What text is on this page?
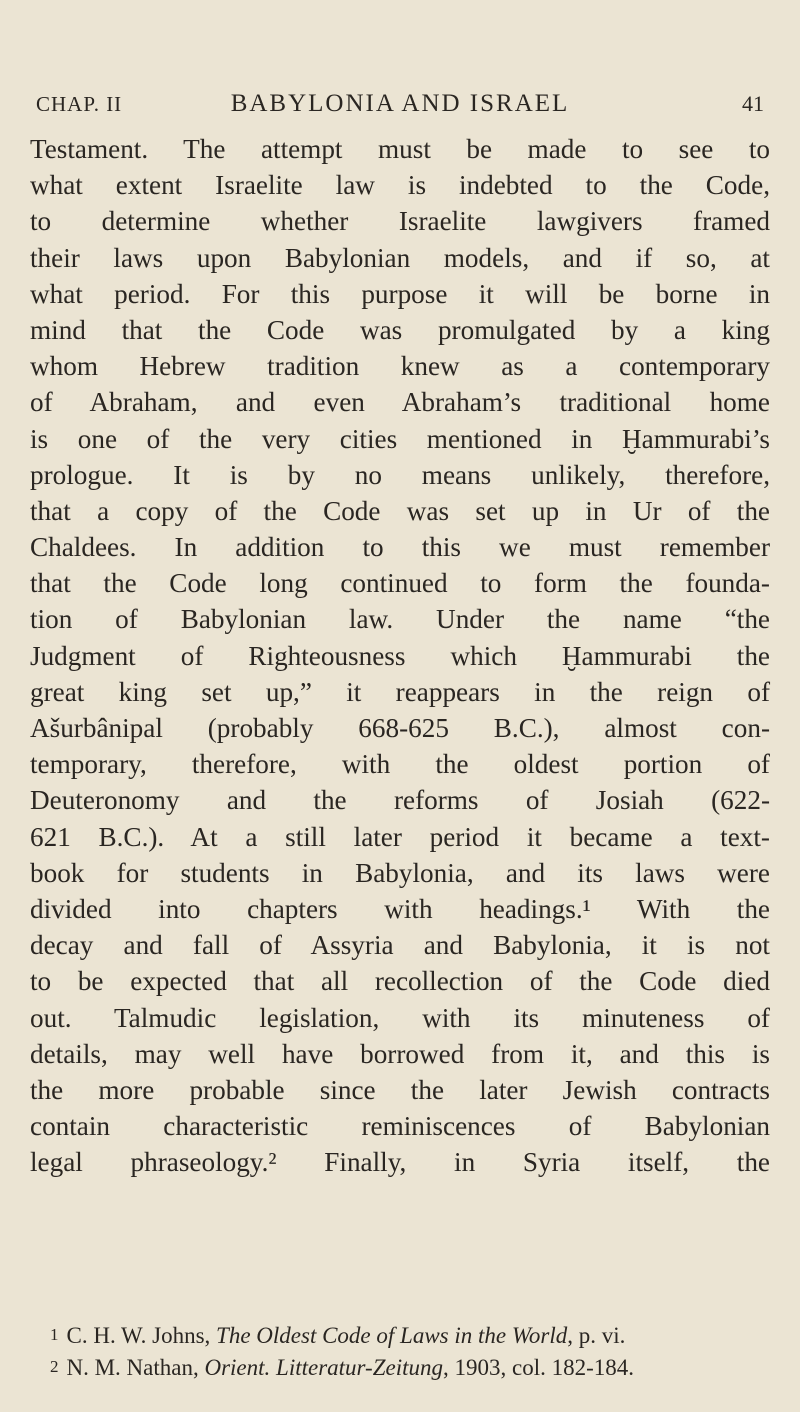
CHAP. II	BABYLONIA AND ISRAEL	41
Testament. The attempt must be made to see to
what extent Israelite law is indebted to the Code,
to determine whether Israelite lawgivers framed
their laws upon Babylonian models, and if so, at
what period. For this purpose it will be borne in
mind that the Code was promulgated by a king
whom Hebrew tradition knew as a contemporary
of Abraham, and even Abraham’s traditional home
is one of the very cities mentioned in Ḫammurabi’s
prologue. It is by no means unlikely, therefore,
that a copy of the Code was set up in Ur of the
Chaldees. In addition to this we must remember
that the Code long continued to form the founda-
tion of Babylonian law. Under the name “the
Judgment of Righteousness which Ḫammurabi the
great king set up,” it reappears in the reign of
Ašurbânipal (probably 668-625 B.C.), almost con-
temporary, therefore, with the oldest portion of
Deuteronomy and the reforms of Josiah (622-
621 B.C.). At a still later period it became a text-
book for students in Babylonia, and its laws were
divided into chapters with headings.¹ With the
decay and fall of Assyria and Babylonia, it is not
to be expected that all recollection of the Code died
out. Talmudic legislation, with its minuteness of
details, may well have borrowed from it, and this is
the more probable since the later Jewish contracts
contain characteristic reminiscences of Babylonian
legal phraseology.² Finally, in Syria itself, the
1 C. H. W. Johns, The Oldest Code of Laws in the World, p. vi.
2 N. M. Nathan, Orient. Litteratur-Zeitung, 1903, col. 182-184.
